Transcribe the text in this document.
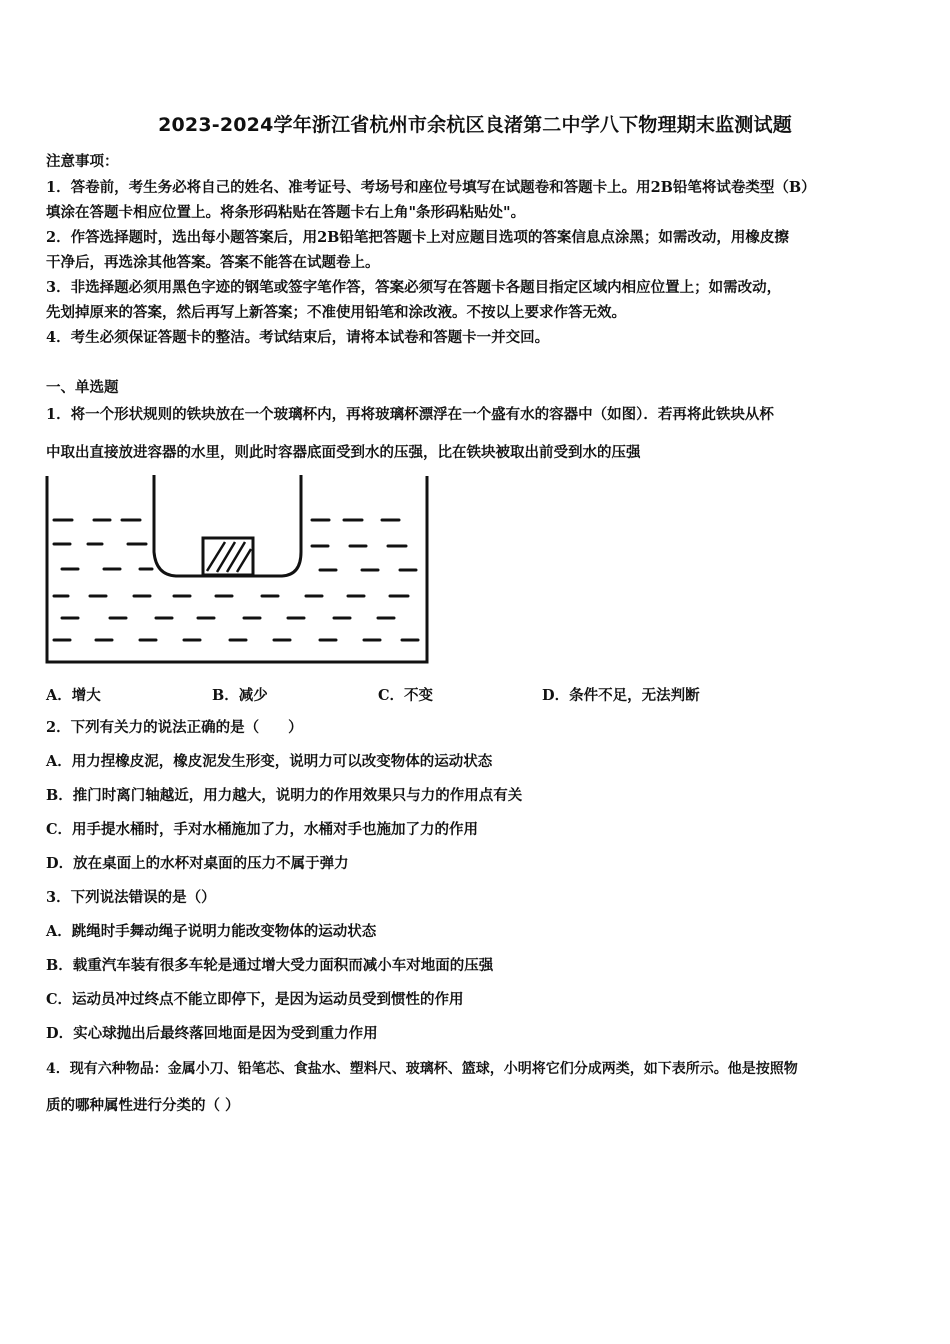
2023-2024学年浙江省杭州市余杭区良渚第二中学八下物理期末监测试题
注意事项：
1．答卷前，考生务必将自己的姓名、准考证号、考场号和座位号填写在试题卷和答题卡上。用2B铅笔将试卷类型（B）
填涂在答题卡相应位置上。将条形码粘贴在答题卡右上角"条形码粘贴处"。
2．作答选择题时，选出每小题答案后，用2B铅笔把答题卡上对应题目选项的答案信息点涂黑；如需改动，用橡皮擦
干净后，再选涂其他答案。答案不能答在试题卷上。
3．非选择题必须用黑色字迹的钢笔或签字笔作答，答案必须写在答题卡各题目指定区域内相应位置上；如需改动，
先划掉原来的答案，然后再写上新答案；不准使用铅笔和涂改液。不按以上要求作答无效。
4．考生必须保证答题卡的整洁。考试结束后，请将本试卷和答题卡一并交回。
一、单选题
1．将一个形状规则的铁块放在一个玻璃杯内，再将玻璃杯漂浮在一个盛有水的容器中（如图）．若再将此铁块从杯
中取出直接放进容器的水里，则此时容器底面受到水的压强，比在铁块被取出前受到水的压强
A．增大	B．减少	C．不变	D．条件不足，无法判断
2．下列有关力的说法正确的是（　　）
A．用力捏橡皮泥，橡皮泥发生形变，说明力可以改变物体的运动状态
B．推门时离门轴越近，用力越大，说明力的作用效果只与力的作用点有关
C．用手提水桶时，手对水桶施加了力，水桶对手也施加了力的作用
D．放在桌面上的水杯对桌面的压力不属于弹力
3．下列说法错误的是（）
A．跳绳时手舞动绳子说明力能改变物体的运动状态
B．载重汽车装有很多车轮是通过增大受力面积而减小车对地面的压强
C．运动员冲过终点不能立即停下，是因为运动员受到惯性的作用
D．实心球抛出后最终落回地面是因为受到重力作用
4．现有六种物品：金属小刀、铅笔芯、食盐水、塑料尺、玻璃杯、篮球，小明将它们分成两类，如下表所示。他是按照物
质的哪种属性进行分类的（ ）
